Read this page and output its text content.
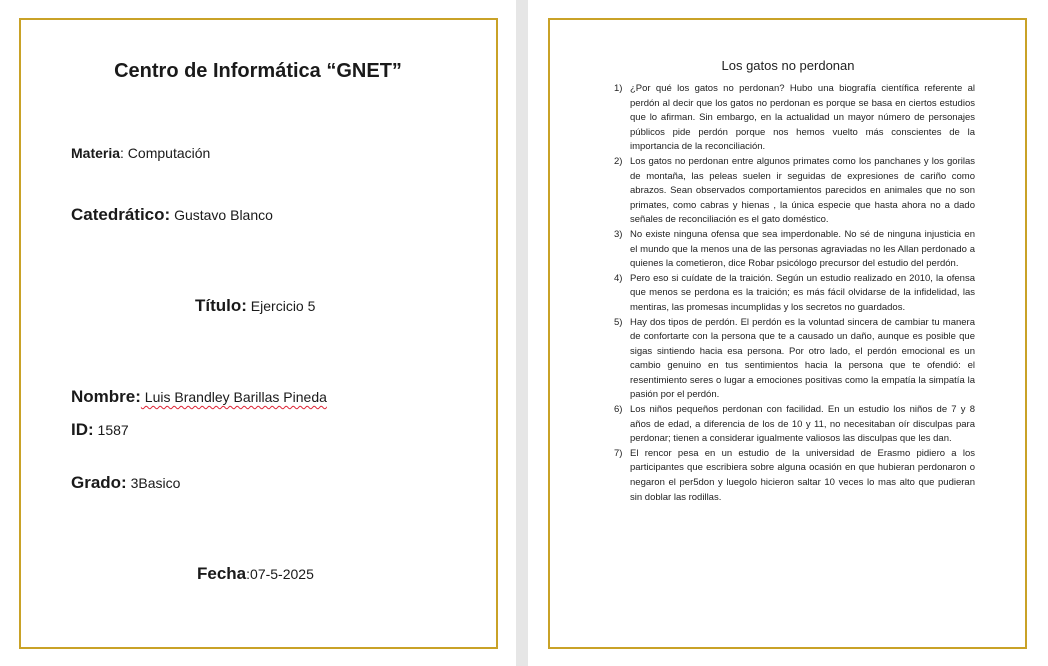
Centro de Informática “GNET”
Materia: Computación
Catedrático: Gustavo Blanco
Título: Ejercicio 5
Nombre: Luis Brandley Barillas Pineda
ID: 1587
Grado: 3Basico
Fecha:07-5-2025
Los gatos no perdonan
1) ¿Por qué los gatos no perdonan? Hubo una biografía científica referente al perdón al decir que los gatos no perdonan es porque se basa en ciertos estudios que lo afirman. Sin embargo, en la actualidad un mayor número de personajes públicos pide perdón porque nos hemos vuelto más conscientes de la importancia de la reconciliación.
2) Los gatos no perdonan entre algunos primates como los panchanes y los gorilas de montaña, las peleas suelen ir seguidas de expresiones de cariño como abrazos. Sean observados comportamientos parecidos en animales que no son primates, como cabras y hienas , la única especie que hasta ahora no a dado señales de reconciliación es el gato doméstico.
3) No existe ninguna ofensa que sea imperdonable. No sé de ninguna injusticia en el mundo que la menos una de las personas agraviadas no les Allan perdonado a quienes la cometieron, dice Robar psicólogo precursor del estudio del perdón.
4) Pero eso si cuídate de la traición. Según un estudio realizado en 2010, la ofensa que menos se perdona es la traición; es más fácil olvidarse de la infidelidad, las mentiras, las promesas incumplidas y los secretos no guardados.
5) Hay dos tipos de perdón. El perdón es la voluntad sincera de cambiar tu manera de confortarte con la persona que te a causado un daño, aunque es posible que sigas sintiendo hacia esa persona. Por otro lado, el perdón emocional es un cambio genuino en tus sentimientos hacia la persona que te ofendió: el resentimiento seres o lugar a emociones positivas como la empatía la simpatía la pasión por el perdón.
6) Los niños pequeños perdonan con facilidad. En un estudio los niños de 7 y 8 años de edad, a diferencia de los de 10 y 11, no necesitaban oír disculpas para perdonar; tienen a considerar igualmente valiosos las disculpas que les dan.
7) El rencor pesa en un estudio de la universidad de Erasmo pidiero a los participantes que escribiera sobre alguna ocasión en que hubieran perdonaron o negaron el per5don y luegolo hicieron saltar 10 veces lo mas alto que pudieran sin doblar las rodillas.
